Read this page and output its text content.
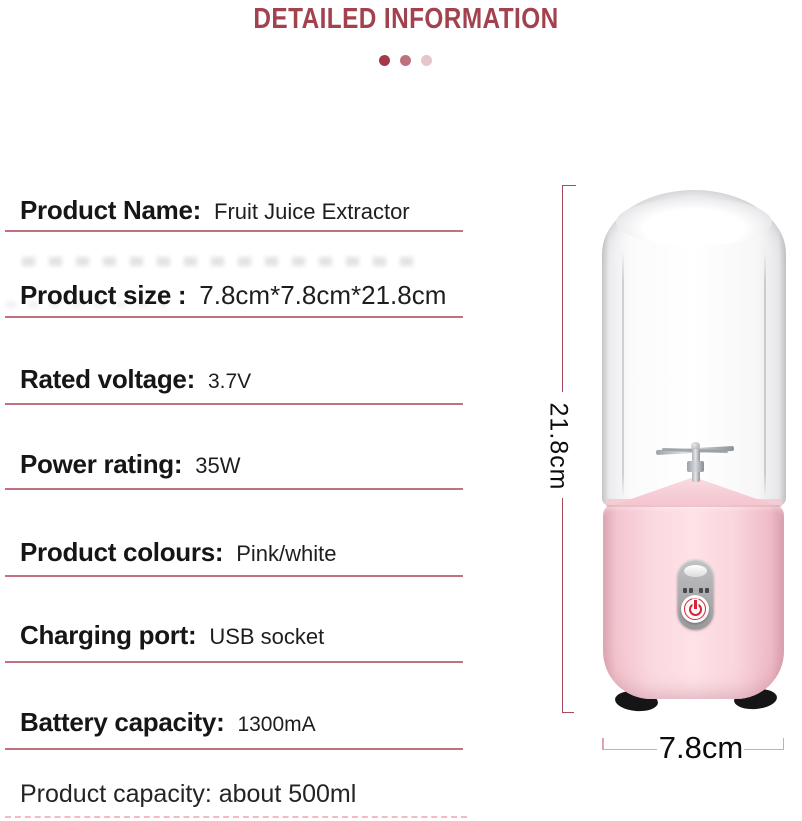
DETAILED INFORMATION
Product Name: Fruit Juice Extractor
Product size : 7.8cm*7.8cm*21.8cm
Rated voltage: 3.7V
Power rating: 35W
Product colours: Pink/white
Charging port: USB socket
Battery capacity: 1300mA
Product capacity: about 500ml
21.8cm
7.8cm
